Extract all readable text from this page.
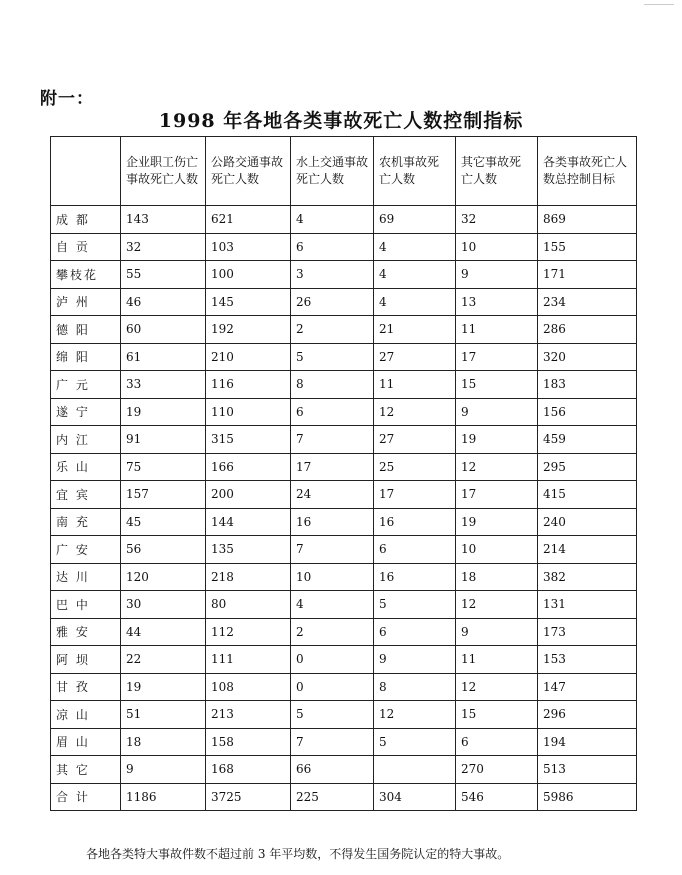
附一：
1998 年各地各类事故死亡人数控制指标
	企业职工伤亡事故死亡人数	公路交通事故死亡人数	水上交通事故死亡人数	农机事故死亡人数	其它事故死亡人数	各类事故死亡人数总控制目标
成 都	143	621	4	69	32	869
自 贡	32	103	6	4	10	155
攀枝花	55	100	3	4	9	171
泸 州	46	145	26	4	13	234
德 阳	60	192	2	21	11	286
绵 阳	61	210	5	27	17	320
广 元	33	116	8	11	15	183
遂 宁	19	110	6	12	9	156
内 江	91	315	7	27	19	459
乐 山	75	166	17	25	12	295
宜 宾	157	200	24	17	17	415
南 充	45	144	16	16	19	240
广 安	56	135	7	6	10	214
达 川	120	218	10	16	18	382
巴 中	30	80	4	5	12	131
雅 安	44	112	2	6	9	173
阿 坝	22	111	0	9	11	153
甘 孜	19	108	0	8	12	147
凉 山	51	213	5	12	15	296
眉 山	18	158	7	5	6	194
其 它	9	168	66		270	513
合 计	1186	3725	225	304	546	5986
各地各类特大事故件数不超过前 3 年平均数，不得发生国务院认定的特大事故。
